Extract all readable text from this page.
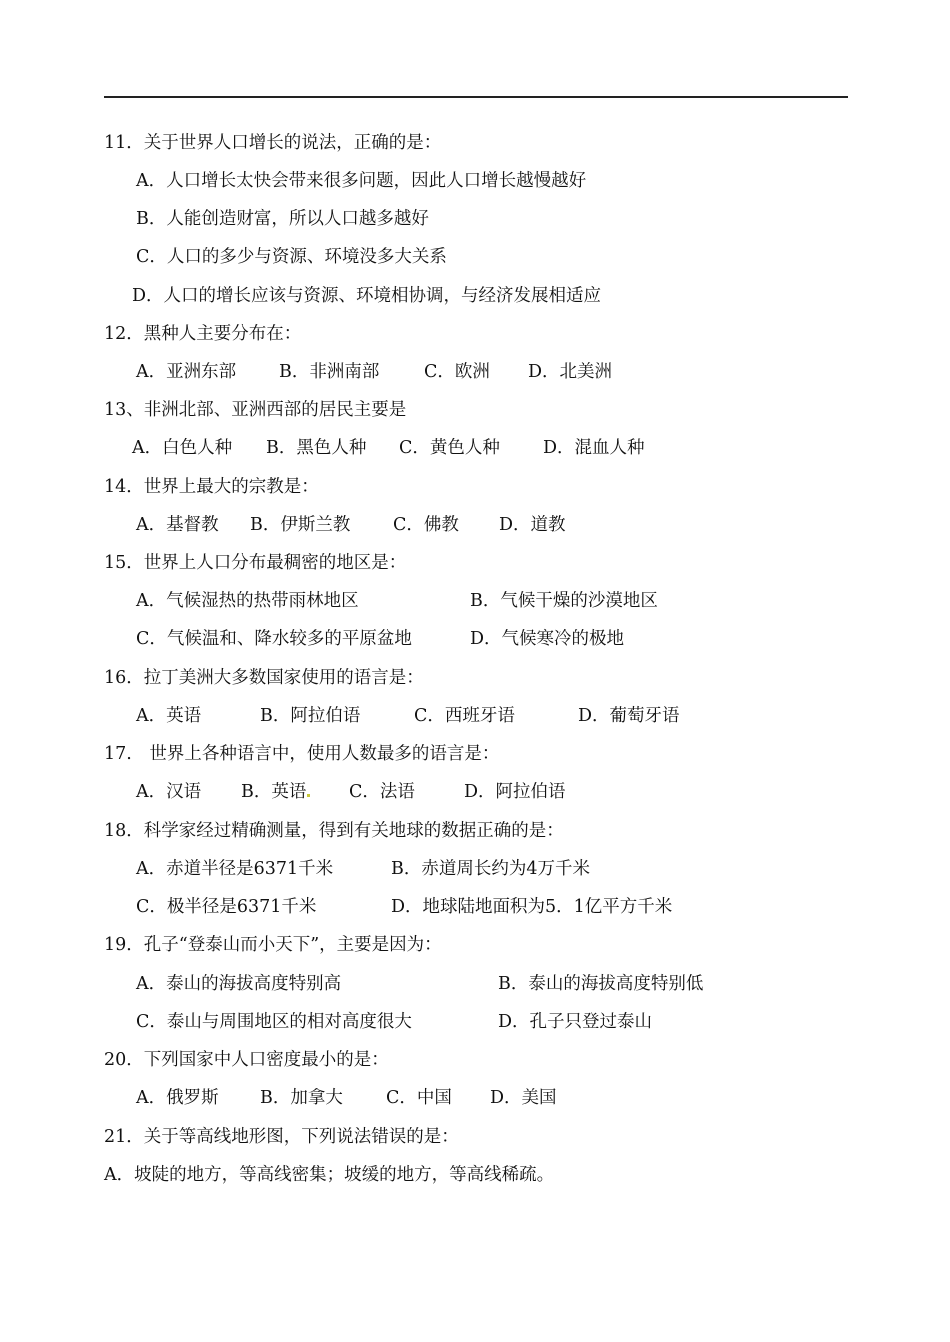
11．关于世界人口增长的说法，正确的是：
A．人口增长太快会带来很多问题，因此人口增长越慢越好
B．人能创造财富，所以人口越多越好
C．人口的多少与资源、环境没多大关系
D．人口的增长应该与资源、环境相协调，与经济发展相适应
12．黑种人主要分布在：
A．亚洲东部 B．非洲南部	C．欧洲 D．北美洲
13、非洲北部、亚洲西部的居民主要是
A．白色人种 B．黑色人种 C．黄色人种 D．混血人种
14．世界上最大的宗教是：
A．基督教 B．伊斯兰教 C．佛教 D．道教
15．世界上人口分布最稠密的地区是：
A．气候湿热的热带雨林地区	B．气候干燥的沙漠地区
C．气候温和、降水较多的平原盆地	D．气候寒冷的极地
16．拉丁美洲大多数国家使用的语言是：
A．英语	B．阿拉伯语	C．西班牙语	D．葡萄牙语
17.　世界上各种语言中，使用人数最多的语言是：
A．汉语 B．英语 C．法语	D．阿拉伯语
18．科学家经过精确测量，得到有关地球的数据正确的是：
A．赤道半径是6371千米	B．赤道周长约为4万千米
C．极半径是6371千米	D．地球陆地面积为5．1亿平方千米
19．孔子“登泰山而小天下”，主要是因为：
A．泰山的海拔高度特别高	B．泰山的海拔高度特别低
C．泰山与周围地区的相对高度很大	D．孔子只登过泰山
20．下列国家中人口密度最小的是：
A．俄罗斯 B．加拿大 C．中国 D．美国
21．关于等高线地形图，下列说法错误的是：
A．坡陡的地方，等高线密集；坡缓的地方，等高线稀疏。
